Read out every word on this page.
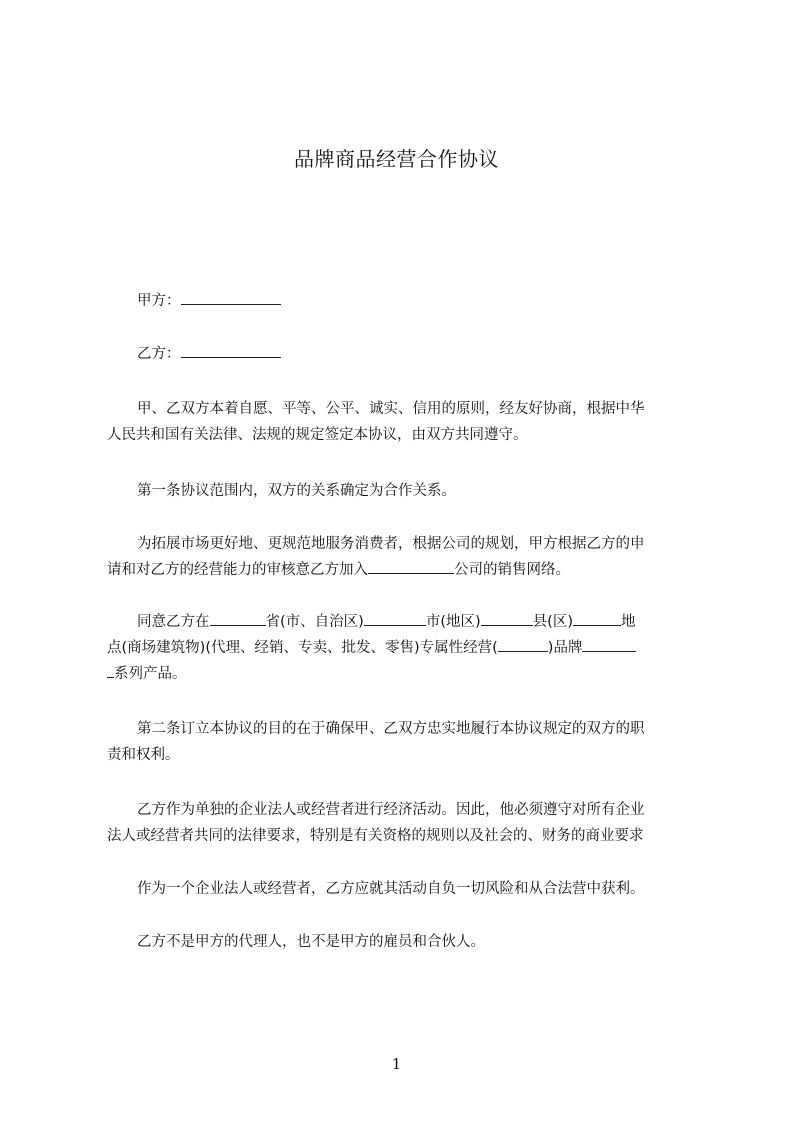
品牌商品经营合作协议
甲方：
乙方：
甲、乙双方本着自愿、平等、公平、诚实、信用的原则，经友好协商，根据中华
人民共和国有关法律、法规的规定签定本协议，由双方共同遵守。
第一条协议范围内，双方的关系确定为合作关系。
为拓展市场更好地、更规范地服务消费者，根据公司的规划，甲方根据乙方的申
请和对乙方的经营能力的审核意乙方加入	公司的销售网络。
同意乙方在	省(市、自治区)	市(地区)	县(区)	地
点(商场建筑物)(代理、经销、专卖、批发、零售)专属性经营(	)品牌
系列产品。
第二条订立本协议的目的在于确保甲、乙双方忠实地履行本协议规定的双方的职
责和权利。
乙方作为单独的企业法人或经营者进行经济活动。因此，他必须遵守对所有企业
法人或经营者共同的法律要求，特别是有关资格的规则以及社会的、财务的商业要求
作为一个企业法人或经营者，乙方应就其活动自负一切风险和从合法营中获利。
乙方不是甲方的代理人，也不是甲方的雇员和合伙人。
1
